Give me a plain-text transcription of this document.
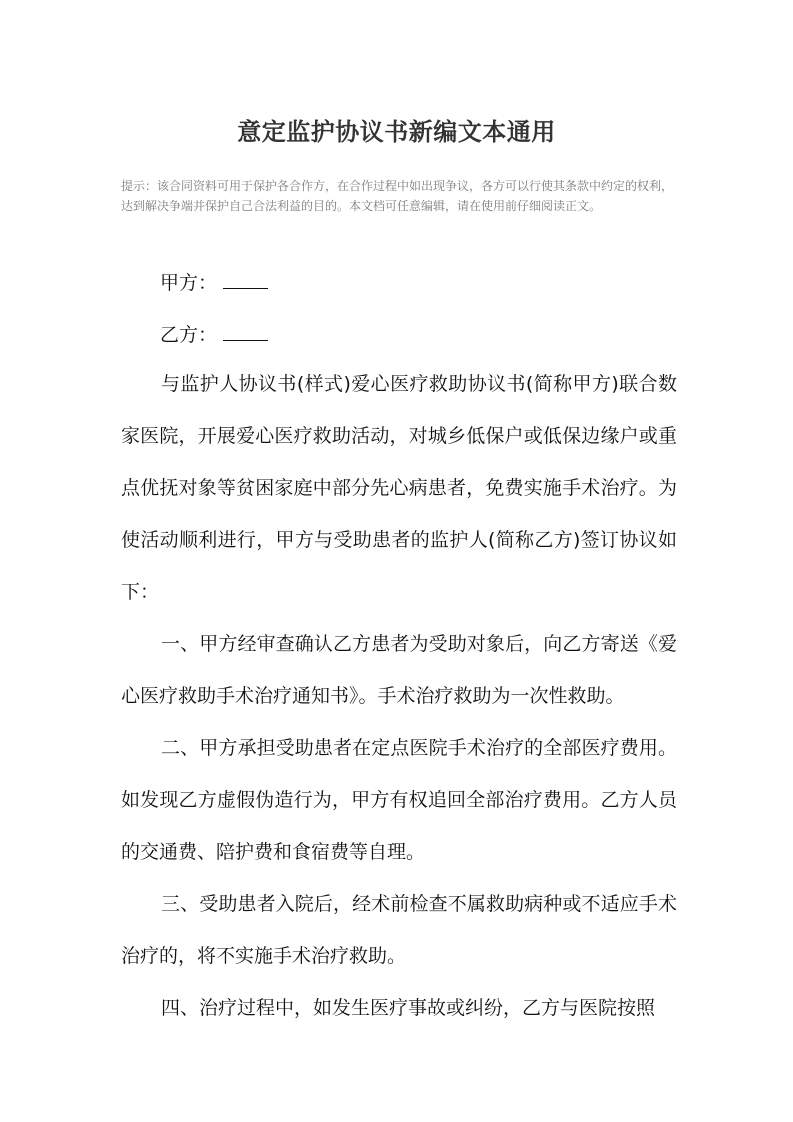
意定监护协议书新编文本通用
提示：该合同资料可用于保护各合作方，在合作过程中如出现争议，各方可以行使其条款中约定的权利，达到解决争端并保护自己合法利益的目的。本文档可任意编辑，请在使用前仔细阅读正文。
甲方：
乙方：

与监护人协议书(样式)爱心医疗救助协议书(简称甲方)联合数家医院，开展爱心医疗救助活动，对城乡低保户或低保边缘户或重点优抚对象等贫困家庭中部分先心病患者，免费实施手术治疗。为使活动顺利进行，甲方与受助患者的监护人(简称乙方)签订协议如下：

一、甲方经审查确认乙方患者为受助对象后，向乙方寄送《爱心医疗救助手术治疗通知书》。手术治疗救助为一次性救助。

二、甲方承担受助患者在定点医院手术治疗的全部医疗费用。如发现乙方虚假伪造行为，甲方有权追回全部治疗费用。乙方人员的交通费、陪护费和食宿费等自理。

三、受助患者入院后，经术前检查不属救助病种或不适应手术治疗的，将不实施手术治疗救助。

四、治疗过程中，如发生医疗事故或纠纷，乙方与医院按照
